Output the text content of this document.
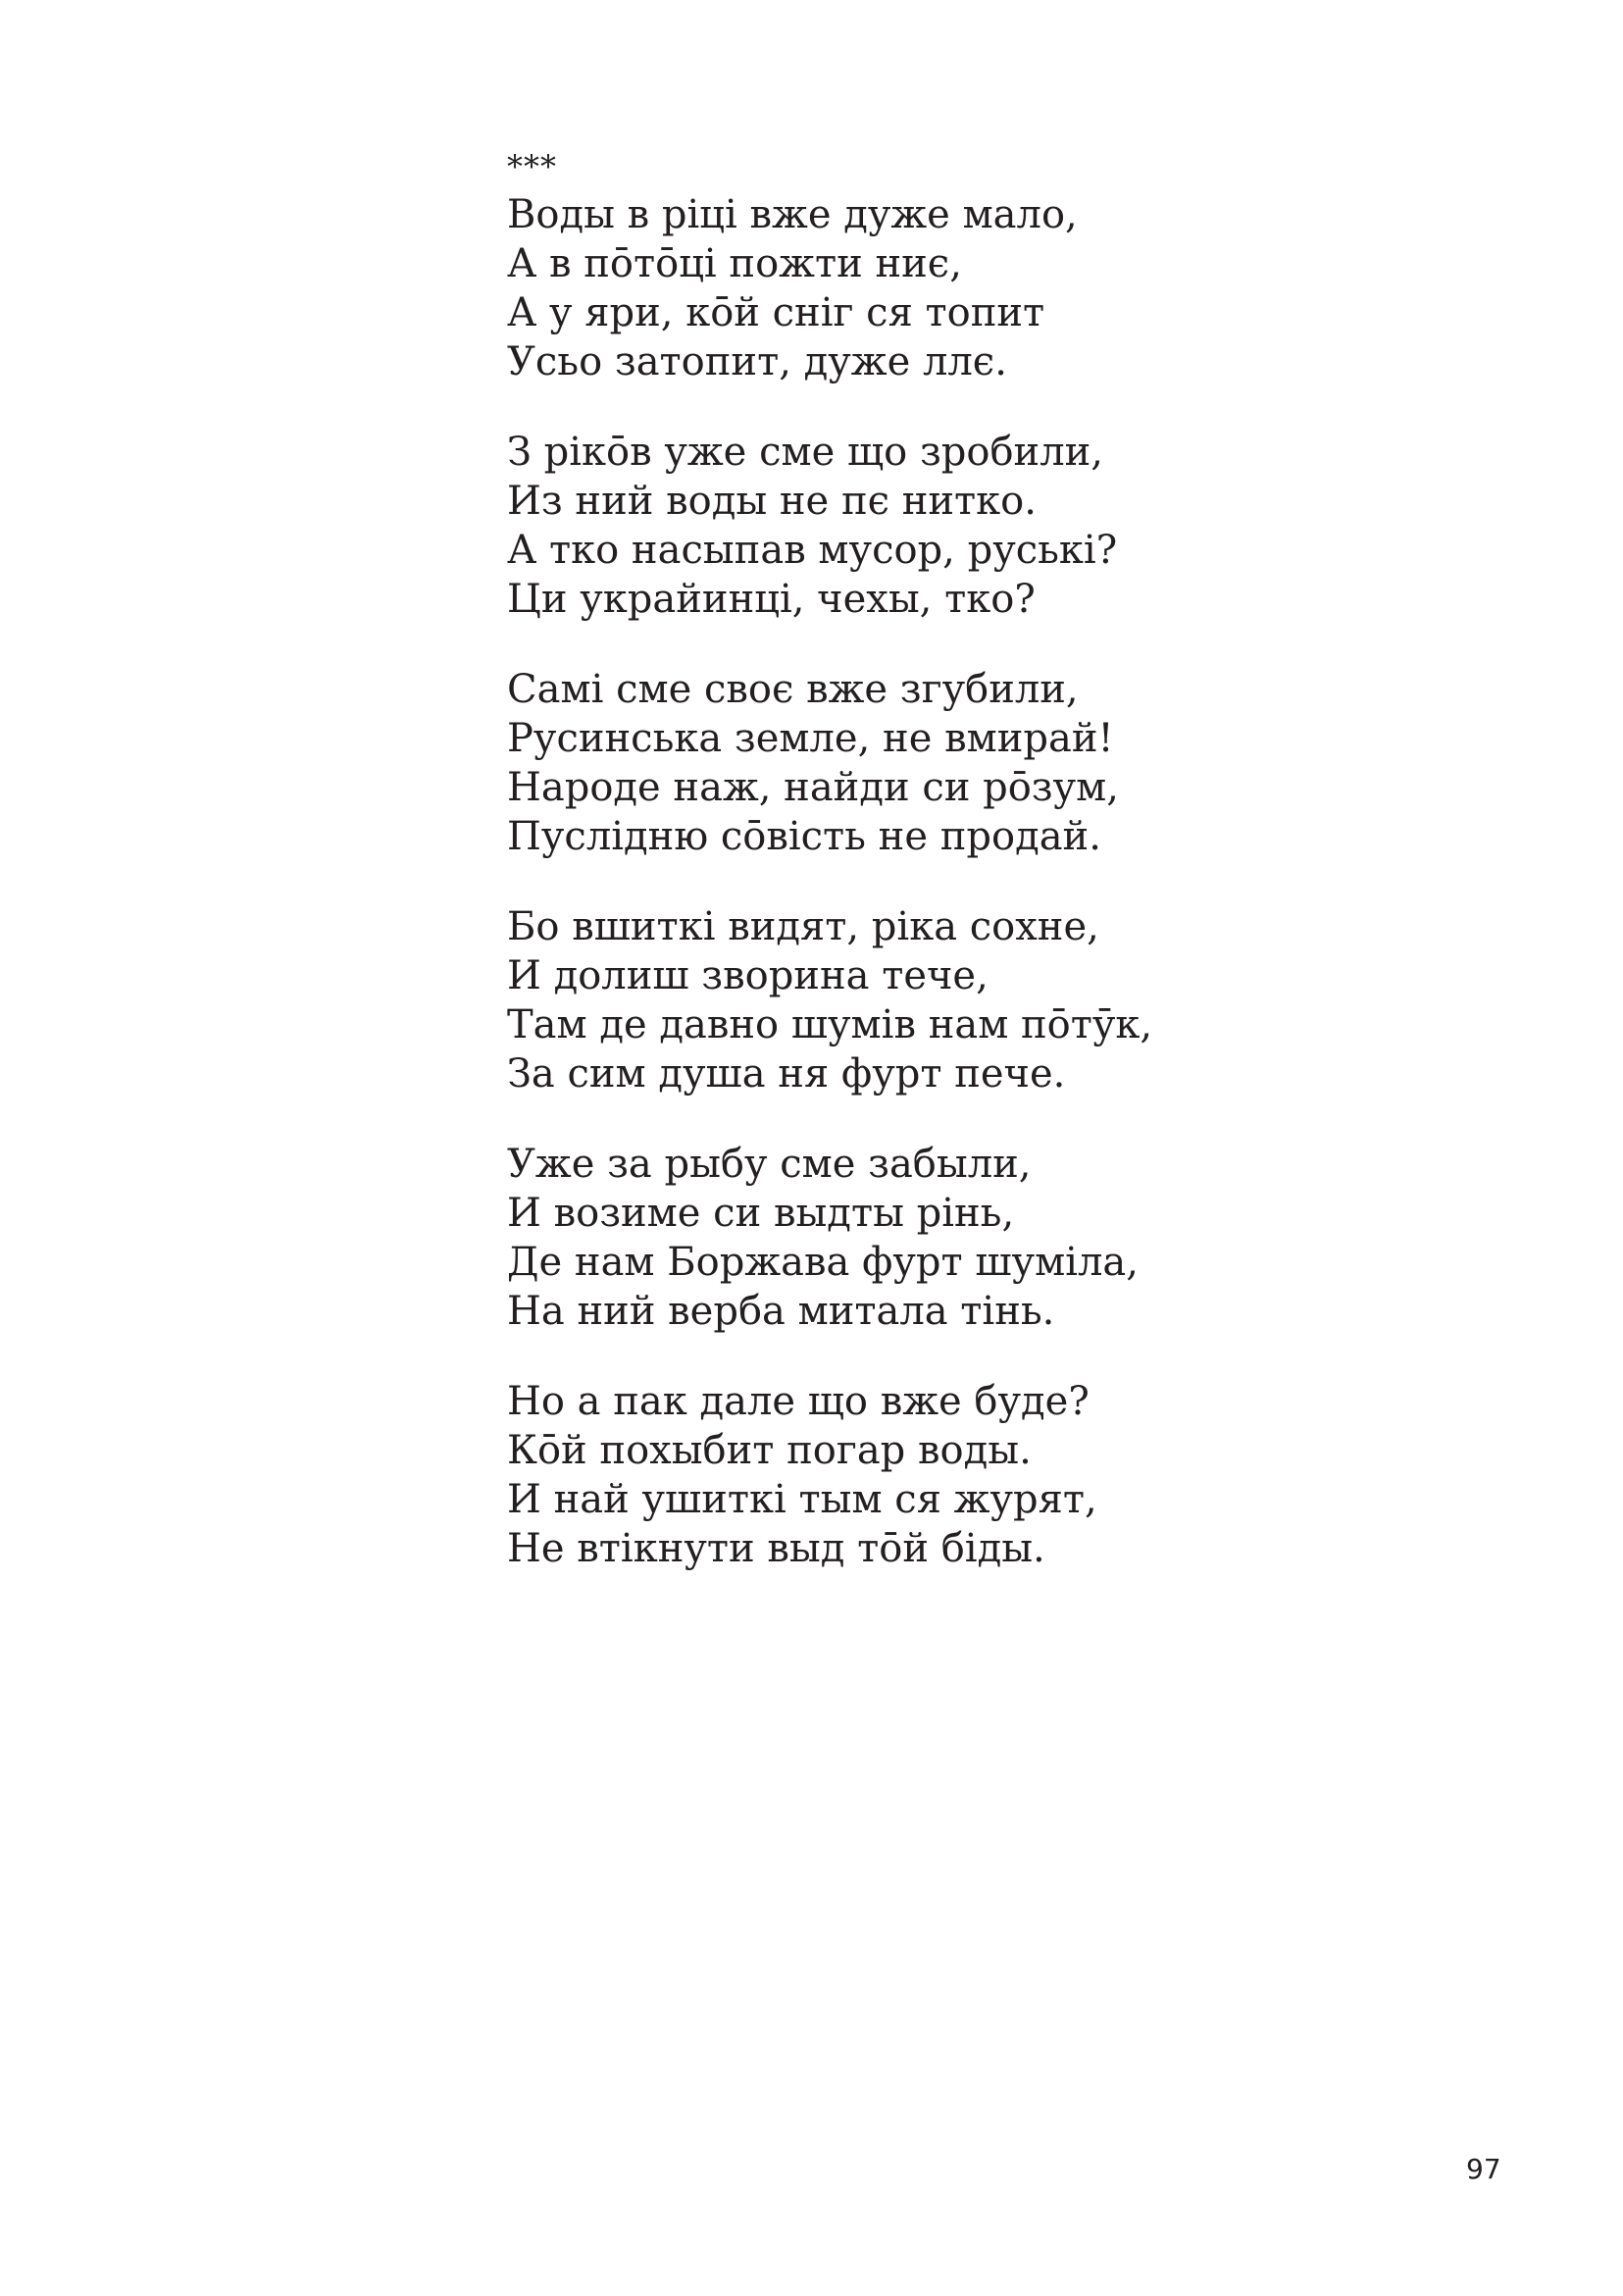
***
Воды в ріці вже дуже мало,
А в по̄то̄ці пожти ниє,
А у яри, ко̄й сніг ся топит
Усьо затопит, дуже ллє.
З ріко̄в уже сме що зробили,
Из ний воды не пє нитко.
А тко насыпав мусор, руські?
Ци украйинці, чехы, тко?
Самі сме своє вже згубили,
Русинська земле, не вмирай!
Народе наж, найди си ро̄зум,
Пуслідню со̄вість не продай.
Бо вшиткі видят, ріка сохне,
И долиш зворина тече,
Там де давно шумів нам по̄тӯк,
За сим душа ня фурт пече.
Уже за рыбу сме забыли,
И возиме си выдты рінь,
Де нам Боржава фурт шуміла,
На ний верба митала тінь.
Но а пак дале що вже буде?
Ко̄й похыбит погар воды.
И най ушиткі тым ся журят,
Не втікнути выд то̄й біды.
97
